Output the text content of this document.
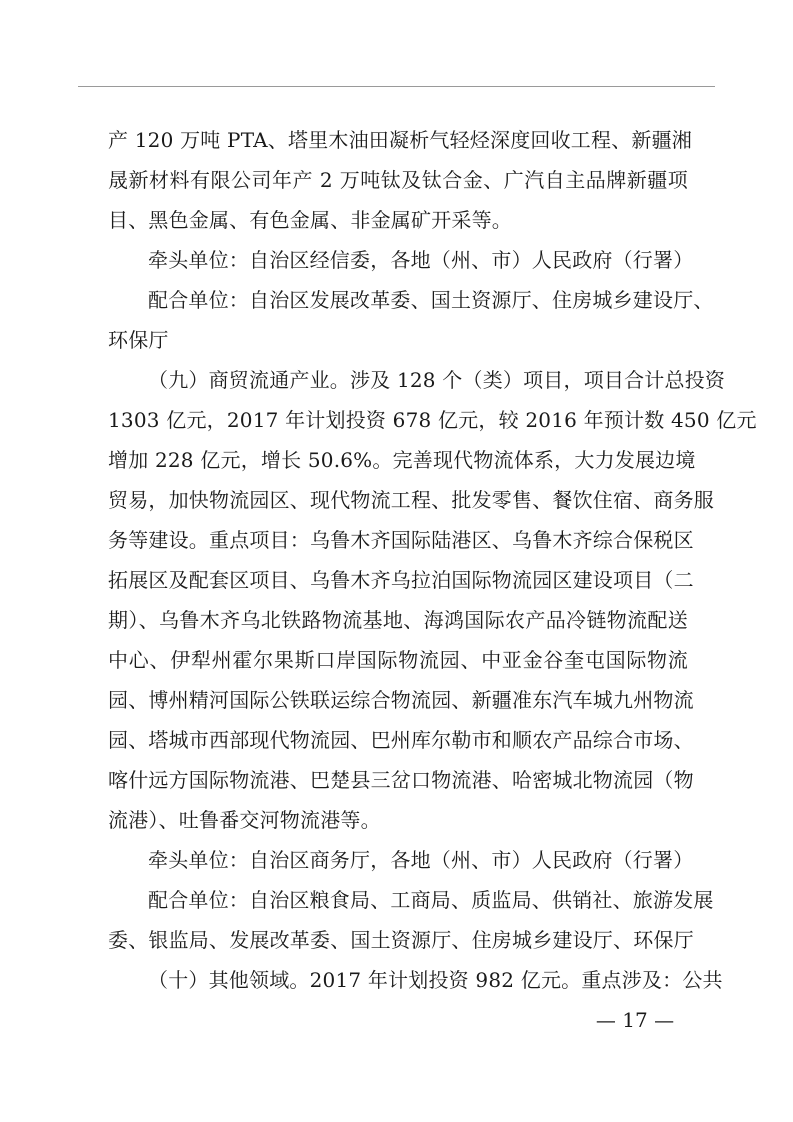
产 120 万吨 PTA、塔里木油田凝析气轻烃深度回收工程、新疆湘
晟新材料有限公司年产 2 万吨钛及钛合金、广汽自主品牌新疆项
目、黑色金属、有色金属、非金属矿开采等。
牵头单位：自治区经信委，各地（州、市）人民政府（行署）
配合单位：自治区发展改革委、国土资源厅、住房城乡建设厅、
环保厅
（九）商贸流通产业。涉及 128 个（类）项目，项目合计总投资
1303 亿元，2017 年计划投资 678 亿元，较 2016 年预计数 450 亿元
增加 228 亿元，增长 50.6%。完善现代物流体系，大力发展边境
贸易，加快物流园区、现代物流工程、批发零售、餐饮住宿、商务服
务等建设。重点项目：乌鲁木齐国际陆港区、乌鲁木齐综合保税区
拓展区及配套区项目、乌鲁木齐乌拉泊国际物流园区建设项目（二
期）、乌鲁木齐乌北铁路物流基地、海鸿国际农产品冷链物流配送
中心、伊犁州霍尔果斯口岸国际物流园、中亚金谷奎屯国际物流
园、博州精河国际公铁联运综合物流园、新疆准东汽车城九州物流
园、塔城市西部现代物流园、巴州库尔勒市和顺农产品综合市场、
喀什远方国际物流港、巴楚县三岔口物流港、哈密城北物流园（物
流港）、吐鲁番交河物流港等。
牵头单位：自治区商务厅，各地（州、市）人民政府（行署）
配合单位：自治区粮食局、工商局、质监局、供销社、旅游发展
委、银监局、发展改革委、国土资源厅、住房城乡建设厅、环保厅
（十）其他领域。2017 年计划投资 982 亿元。重点涉及：公共
— 17 —
